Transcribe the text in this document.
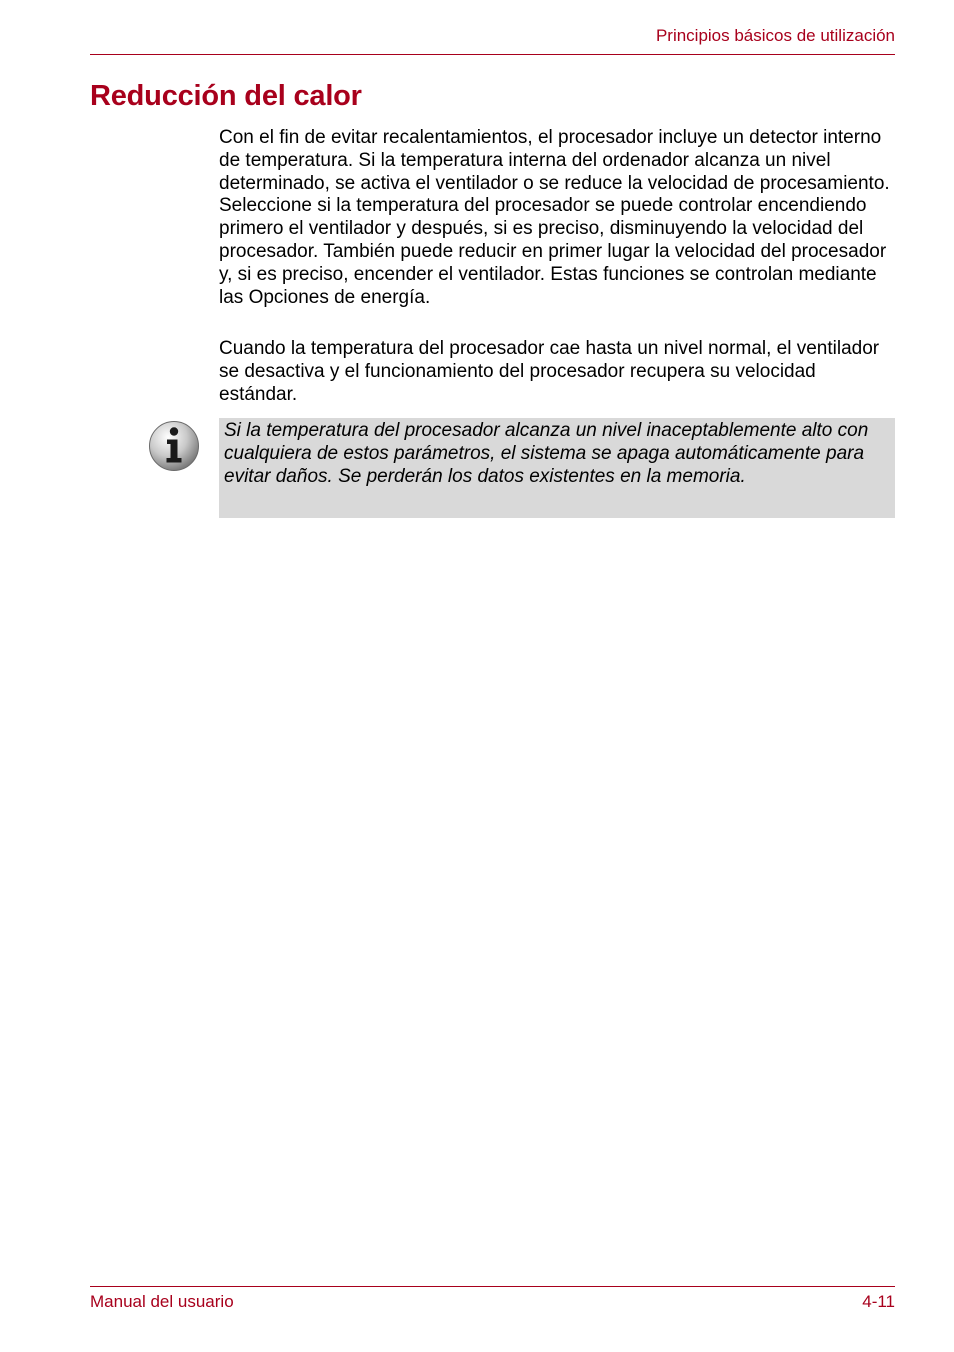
Principios básicos de utilización
Reducción del calor

Con el fin de evitar recalentamientos, el procesador incluye un detector interno de temperatura. Si la temperatura interna del ordenador alcanza un nivel determinado, se activa el ventilador o se reduce la velocidad de procesamiento. Seleccione si la temperatura del procesador se puede controlar encendiendo primero el ventilador y después, si es preciso, disminuyendo la velocidad del procesador. También puede reducir en primer lugar la velocidad del procesador y, si es preciso, encender el ventilador. Estas funciones se controlan mediante las Opciones de energía.

Cuando la temperatura del procesador cae hasta un nivel normal, el ventilador se desactiva y el funcionamiento del procesador recupera su velocidad estándar.

Si la temperatura del procesador alcanza un nivel inaceptablemente alto con cualquiera de estos parámetros, el sistema se apaga automáticamente para evitar daños. Se perderán los datos existentes en la memoria.

Manual del usuario	4-11
